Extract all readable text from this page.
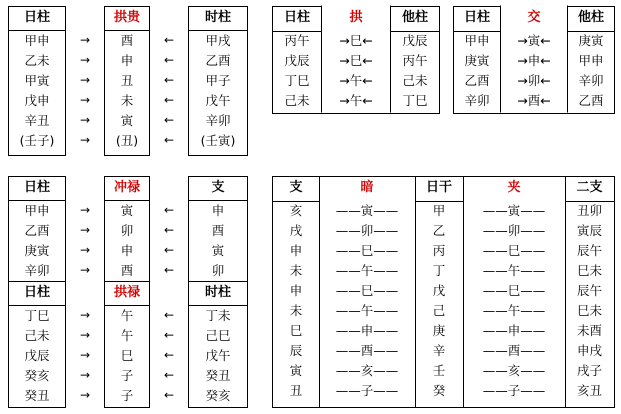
日柱
甲申
乙未
甲寅
戊申
辛丑
(壬子)
→
→
→
→
→
→
拱贵
酉
申
丑
未
寅
(丑)
←
←
←
←
←
←
时柱
甲戌
乙酉
甲子
戊午
辛卯
(壬寅)
日柱
丙午
戊辰
丁巳
己未
拱
→巳←
→巳←
→午←
→午←
他柱
戊辰
丙午
己未
丁巳
日柱
甲申
庚寅
乙酉
辛卯
交
→寅←
→申←
→卯←
→酉←
他柱
庚寅
甲申
辛卯
乙酉
日柱
甲申
乙酉
庚寅
辛卯
日柱
丁巳
己未
戊辰
癸亥
癸丑
→
→
→
→
→
→
→
→
→
冲禄
寅
卯
申
酉
拱禄
午
午
巳
子
子
←
←
←
←
←
←
←
←
←
支
申
酉
寅
卯
时柱
丁未
己巳
戊午
癸丑
癸亥
支
亥
戌
申
未
申
未
巳
辰
寅
丑
暗
——寅——
——卯——
——巳——
——午——
——巳——
——午——
——申——
——酉——
——亥——
——子——
日干
甲
乙
丙
丁
戊
己
庚
辛
壬
癸
夹
——寅——
——卯——
——巳——
——午——
——巳——
——午——
——申——
——酉——
——亥——
——子——
二支
丑卯
寅辰
辰午
巳未
辰午
巳未
未酉
申戌
戌子
亥丑
